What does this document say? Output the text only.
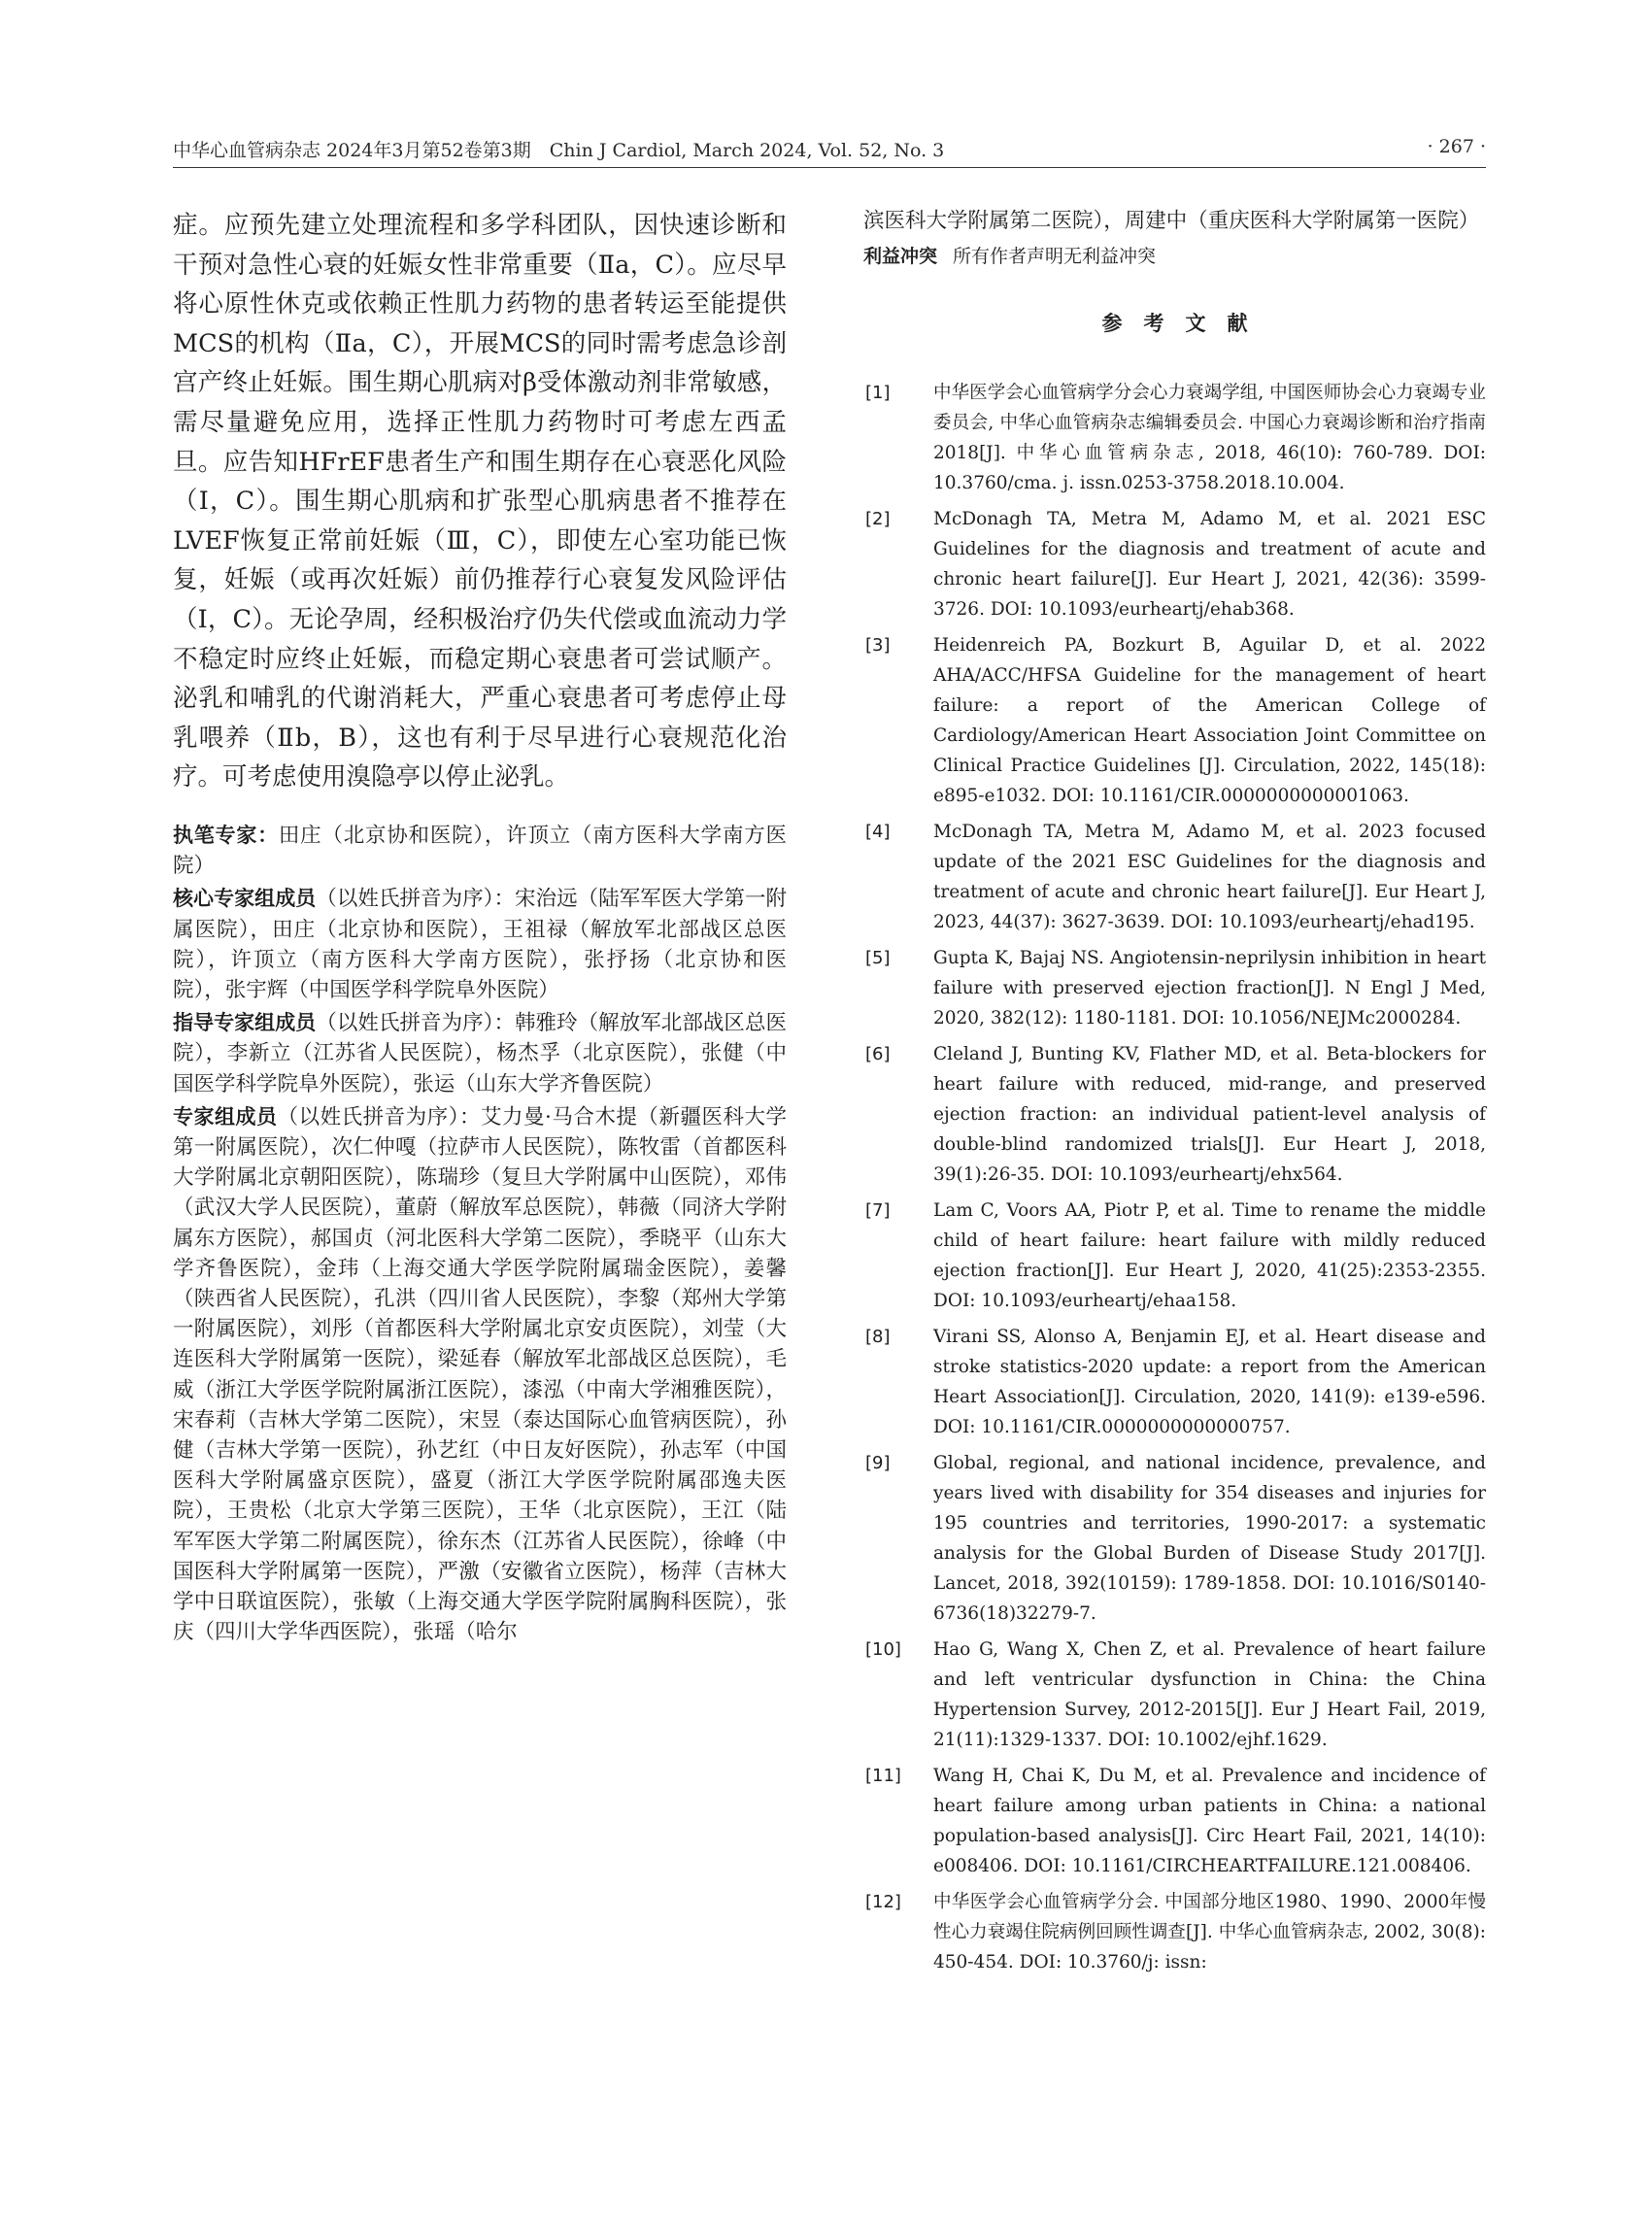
中华心血管病杂志 2024年3月第52卷第3期　Chin J Cardiol, March 2024, Vol. 52, No. 3	· 267 ·

症。应预先建立处理流程和多学科团队，因快速诊断和干预对急性心衰的妊娠女性非常重要（Ⅱa，C）。应尽早将心原性休克或依赖正性肌力药物的患者转运至能提供MCS的机构（Ⅱa，C），开展MCS的同时需考虑急诊剖宫产终止妊娠。围生期心肌病对β受体激动剂非常敏感，需尽量避免应用，选择正性肌力药物时可考虑左西孟旦。应告知HFrEF患者生产和围生期存在心衰恶化风险（Ⅰ，C）。围生期心肌病和扩张型心肌病患者不推荐在LVEF恢复正常前妊娠（Ⅲ，C），即使左心室功能已恢复，妊娠（或再次妊娠）前仍推荐行心衰复发风险评估（Ⅰ，C）。无论孕周，经积极治疗仍失代偿或血流动力学不稳定时应终止妊娠，而稳定期心衰患者可尝试顺产。泌乳和哺乳的代谢消耗大，严重心衰患者可考虑停止母乳喂养（Ⅱb，B），这也有利于尽早进行心衰规范化治疗。可考虑使用溴隐亭以停止泌乳。

执笔专家：田庄（北京协和医院），许顶立（南方医科大学南方医院）

核心专家组成员（以姓氏拼音为序）：宋治远（陆军军医大学第一附属医院），田庄（北京协和医院），王祖禄（解放军北部战区总医院），许顶立（南方医科大学南方医院），张抒扬（北京协和医院），张宇辉（中国医学科学院阜外医院）

指导专家组成员（以姓氏拼音为序）：韩雅玲（解放军北部战区总医院），李新立（江苏省人民医院），杨杰孚（北京医院），张健（中国医学科学院阜外医院），张运（山东大学齐鲁医院）

专家组成员（以姓氏拼音为序）：艾力曼·马合木提（新疆医科大学第一附属医院），次仁仲嘎（拉萨市人民医院），陈牧雷（首都医科大学附属北京朝阳医院），陈瑞珍（复旦大学附属中山医院），邓伟（武汉大学人民医院），董蔚（解放军总医院），韩薇（同济大学附属东方医院），郝国贞（河北医科大学第二医院），季晓平（山东大学齐鲁医院），金玮（上海交通大学医学院附属瑞金医院），姜馨（陕西省人民医院），孔洪（四川省人民医院），李黎（郑州大学第一附属医院），刘彤（首都医科大学附属北京安贞医院），刘莹（大连医科大学附属第一医院），梁延春（解放军北部战区总医院），毛威（浙江大学医学院附属浙江医院），漆泓（中南大学湘雅医院），宋春莉（吉林大学第二医院），宋昱（泰达国际心血管病医院），孙健（吉林大学第一医院），孙艺红（中日友好医院），孙志军（中国医科大学附属盛京医院），盛夏（浙江大学医学院附属邵逸夫医院），王贵松（北京大学第三医院），王华（北京医院），王江（陆军军医大学第二附属医院），徐东杰（江苏省人民医院），徐峰（中国医科大学附属第一医院），严激（安徽省立医院），杨萍（吉林大学中日联谊医院），张敏（上海交通大学医学院附属胸科医院），张庆（四川大学华西医院），张瑶（哈尔

滨医科大学附属第二医院），周建中（重庆医科大学附属第一医院）

利益冲突 所有作者声明无利益冲突

参考文献
[1]	中华医学会心血管病学分会心力衰竭学组, 中国医师协会心力衰竭专业委员会, 中华心血管病杂志编辑委员会. 中国心力衰竭诊断和治疗指南2018[J]. 中华心血管病杂志, 2018, 46(10): 760-789. DOI: 10.3760/cma. j. issn.0253-3758.2018.10.004.
[2]	McDonagh TA, Metra M, Adamo M, et al. 2021 ESC Guidelines for the diagnosis and treatment of acute and chronic heart failure[J]. Eur Heart J, 2021, 42(36): 3599-3726. DOI: 10.1093/eurheartj/ehab368.
[3]	Heidenreich PA, Bozkurt B, Aguilar D, et al. 2022 AHA/ACC/HFSA Guideline for the management of heart failure: a report of the American College of Cardiology/American Heart Association Joint Committee on Clinical Practice Guidelines [J]. Circulation, 2022, 145(18): e895-e1032. DOI: 10.1161/CIR.0000000000001063.
[4]	McDonagh TA, Metra M, Adamo M, et al. 2023 focused update of the 2021 ESC Guidelines for the diagnosis and treatment of acute and chronic heart failure[J]. Eur Heart J, 2023, 44(37): 3627-3639. DOI: 10.1093/eurheartj/ehad195.
[5]	Gupta K, Bajaj NS. Angiotensin-neprilysin inhibition in heart failure with preserved ejection fraction[J]. N Engl J Med, 2020, 382(12): 1180-1181. DOI: 10.1056/NEJMc2000284.
[6]	Cleland J, Bunting KV, Flather MD, et al. Beta-blockers for heart failure with reduced, mid-range, and preserved ejection fraction: an individual patient-level analysis of double-blind randomized trials[J]. Eur Heart J, 2018, 39(1):26-35. DOI: 10.1093/eurheartj/ehx564.
[7]	Lam C, Voors AA, Piotr P, et al. Time to rename the middle child of heart failure: heart failure with mildly reduced ejection fraction[J]. Eur Heart J, 2020, 41(25):2353-2355. DOI: 10.1093/eurheartj/ehaa158.
[8]	Virani SS, Alonso A, Benjamin EJ, et al. Heart disease and stroke statistics-2020 update: a report from the American Heart Association[J]. Circulation, 2020, 141(9): e139-e596. DOI: 10.1161/CIR.0000000000000757.
[9]	Global, regional, and national incidence, prevalence, and years lived with disability for 354 diseases and injuries for 195 countries and territories, 1990-2017: a systematic analysis for the Global Burden of Disease Study 2017[J]. Lancet, 2018, 392(10159): 1789-1858. DOI: 10.1016/S0140-6736(18)32279-7.
[10]	Hao G, Wang X, Chen Z, et al. Prevalence of heart failure and left ventricular dysfunction in China: the China Hypertension Survey, 2012-2015[J]. Eur J Heart Fail, 2019, 21(11):1329-1337. DOI: 10.1002/ejhf.1629.
[11]	Wang H, Chai K, Du M, et al. Prevalence and incidence of heart failure among urban patients in China: a national population-based analysis[J]. Circ Heart Fail, 2021, 14(10): e008406. DOI: 10.1161/CIRCHEARTFAILURE.121.008406.
[12]	中华医学会心血管病学分会. 中国部分地区1980、1990、2000年慢性心力衰竭住院病例回顾性调查[J]. 中华心血管病杂志, 2002, 30(8): 450-454. DOI: 10.3760/j: issn:
